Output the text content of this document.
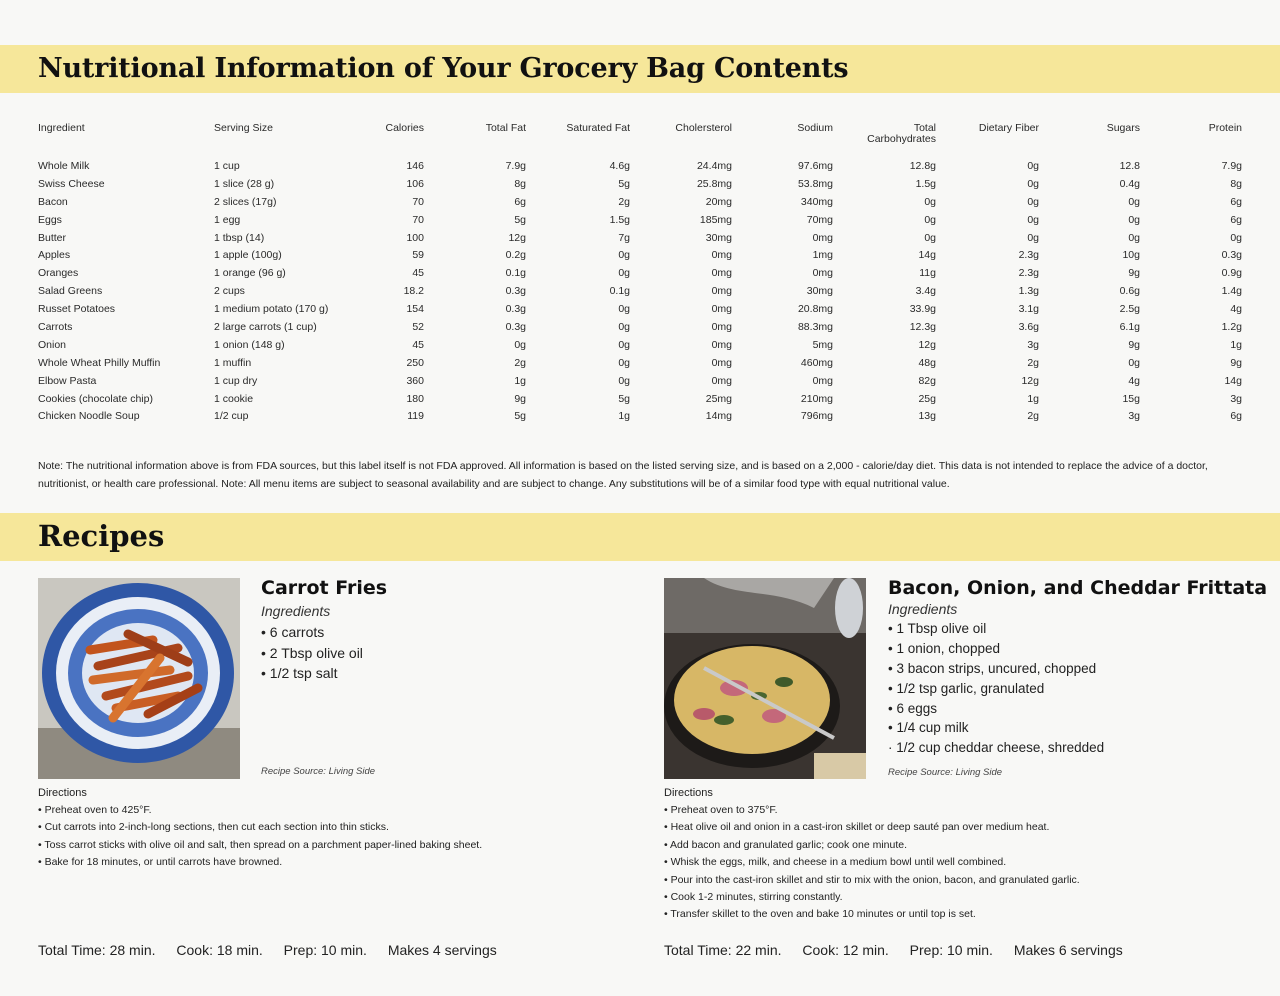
Nutritional Information of Your Grocery Bag Contents
Ingredient	Serving Size	Calories	Total Fat	Saturated Fat	Cholersterol	Sodium	Total Carbohydrates	Dietary Fiber	Sugars	Protein
Whole Milk	1 cup	146	7.9g	4.6g	24.4mg	97.6mg	12.8g	0g	12.8	7.9g
Swiss Cheese	1 slice (28 g)	106	8g	5g	25.8mg	53.8mg	1.5g	0g	0.4g	8g
Bacon	2 slices (17g)	70	6g	2g	20mg	340mg	0g	0g	0g	6g
Eggs	1 egg	70	5g	1.5g	185mg	70mg	0g	0g	0g	6g
Butter	1 tbsp (14)	100	12g	7g	30mg	0mg	0g	0g	0g	0g
Apples	1 apple (100g)	59	0.2g	0g	0mg	1mg	14g	2.3g	10g	0.3g
Oranges	1 orange (96 g)	45	0.1g	0g	0mg	0mg	11g	2.3g	9g	0.9g
Salad Greens	2 cups	18.2	0.3g	0.1g	0mg	30mg	3.4g	1.3g	0.6g	1.4g
Russet Potatoes	1 medium potato (170 g)	154	0.3g	0g	0mg	20.8mg	33.9g	3.1g	2.5g	4g
Carrots	2 large carrots (1 cup)	52	0.3g	0g	0mg	88.3mg	12.3g	3.6g	6.1g	1.2g
Onion	1 onion (148 g)	45	0g	0g	0mg	5mg	12g	3g	9g	1g
Whole Wheat Philly Muffin	1 muffin	250	2g	0g	0mg	460mg	48g	2g	0g	9g
Elbow Pasta	1 cup dry	360	1g	0g	0mg	0mg	82g	12g	4g	14g
Cookies (chocolate chip)	1 cookie	180	9g	5g	25mg	210mg	25g	1g	15g	3g
Chicken Noodle Soup	1/2 cup	119	5g	1g	14mg	796mg	13g	2g	3g	6g
Note: The nutritional information above is from FDA sources, but this label itself is not FDA approved. All information is based on the listed serving size, and is based on a 2,000 - calorie/day diet. This data is not intended to replace the advice of a doctor, nutritionist, or health care professional. Note: All menu items are subject to seasonal availability and are subject to change. Any substitutions will be of a similar food type with equal nutritional value.
Recipes
Carrot Fries
Ingredients
• 6 carrots
• 2 Tbsp olive oil
• 1/2 tsp salt
Recipe Source: Living Side
Directions
• Preheat oven to 425°F.
• Cut carrots into 2-inch-long sections, then cut each section into thin sticks.
• Toss carrot sticks with olive oil and salt, then spread on a parchment paper-lined baking sheet.
• Bake for 18 minutes, or until carrots have browned.
Total Time: 28 min. Cook: 18 min. Prep: 10 min. Makes 4 servings
Bacon, Onion, and Cheddar Frittata
Ingredients
• 1 Tbsp olive oil
• 1 onion, chopped
• 3 bacon strips, uncured, chopped
• 1/2 tsp garlic, granulated
• 6 eggs
• 1/4 cup milk
· 1/2 cup cheddar cheese, shredded
Recipe Source: Living Side
Directions
• Preheat oven to 375°F.
• Heat olive oil and onion in a cast-iron skillet or deep sauté pan over medium heat.
• Add bacon and granulated garlic; cook one minute.
• Whisk the eggs, milk, and cheese in a medium bowl until well combined.
• Pour into the cast-iron skillet and stir to mix with the onion, bacon, and granulated garlic.
• Cook 1-2 minutes, stirring constantly.
• Transfer skillet to the oven and bake 10 minutes or until top is set.
Total Time: 22 min. Cook: 12 min. Prep: 10 min. Makes 6 servings
